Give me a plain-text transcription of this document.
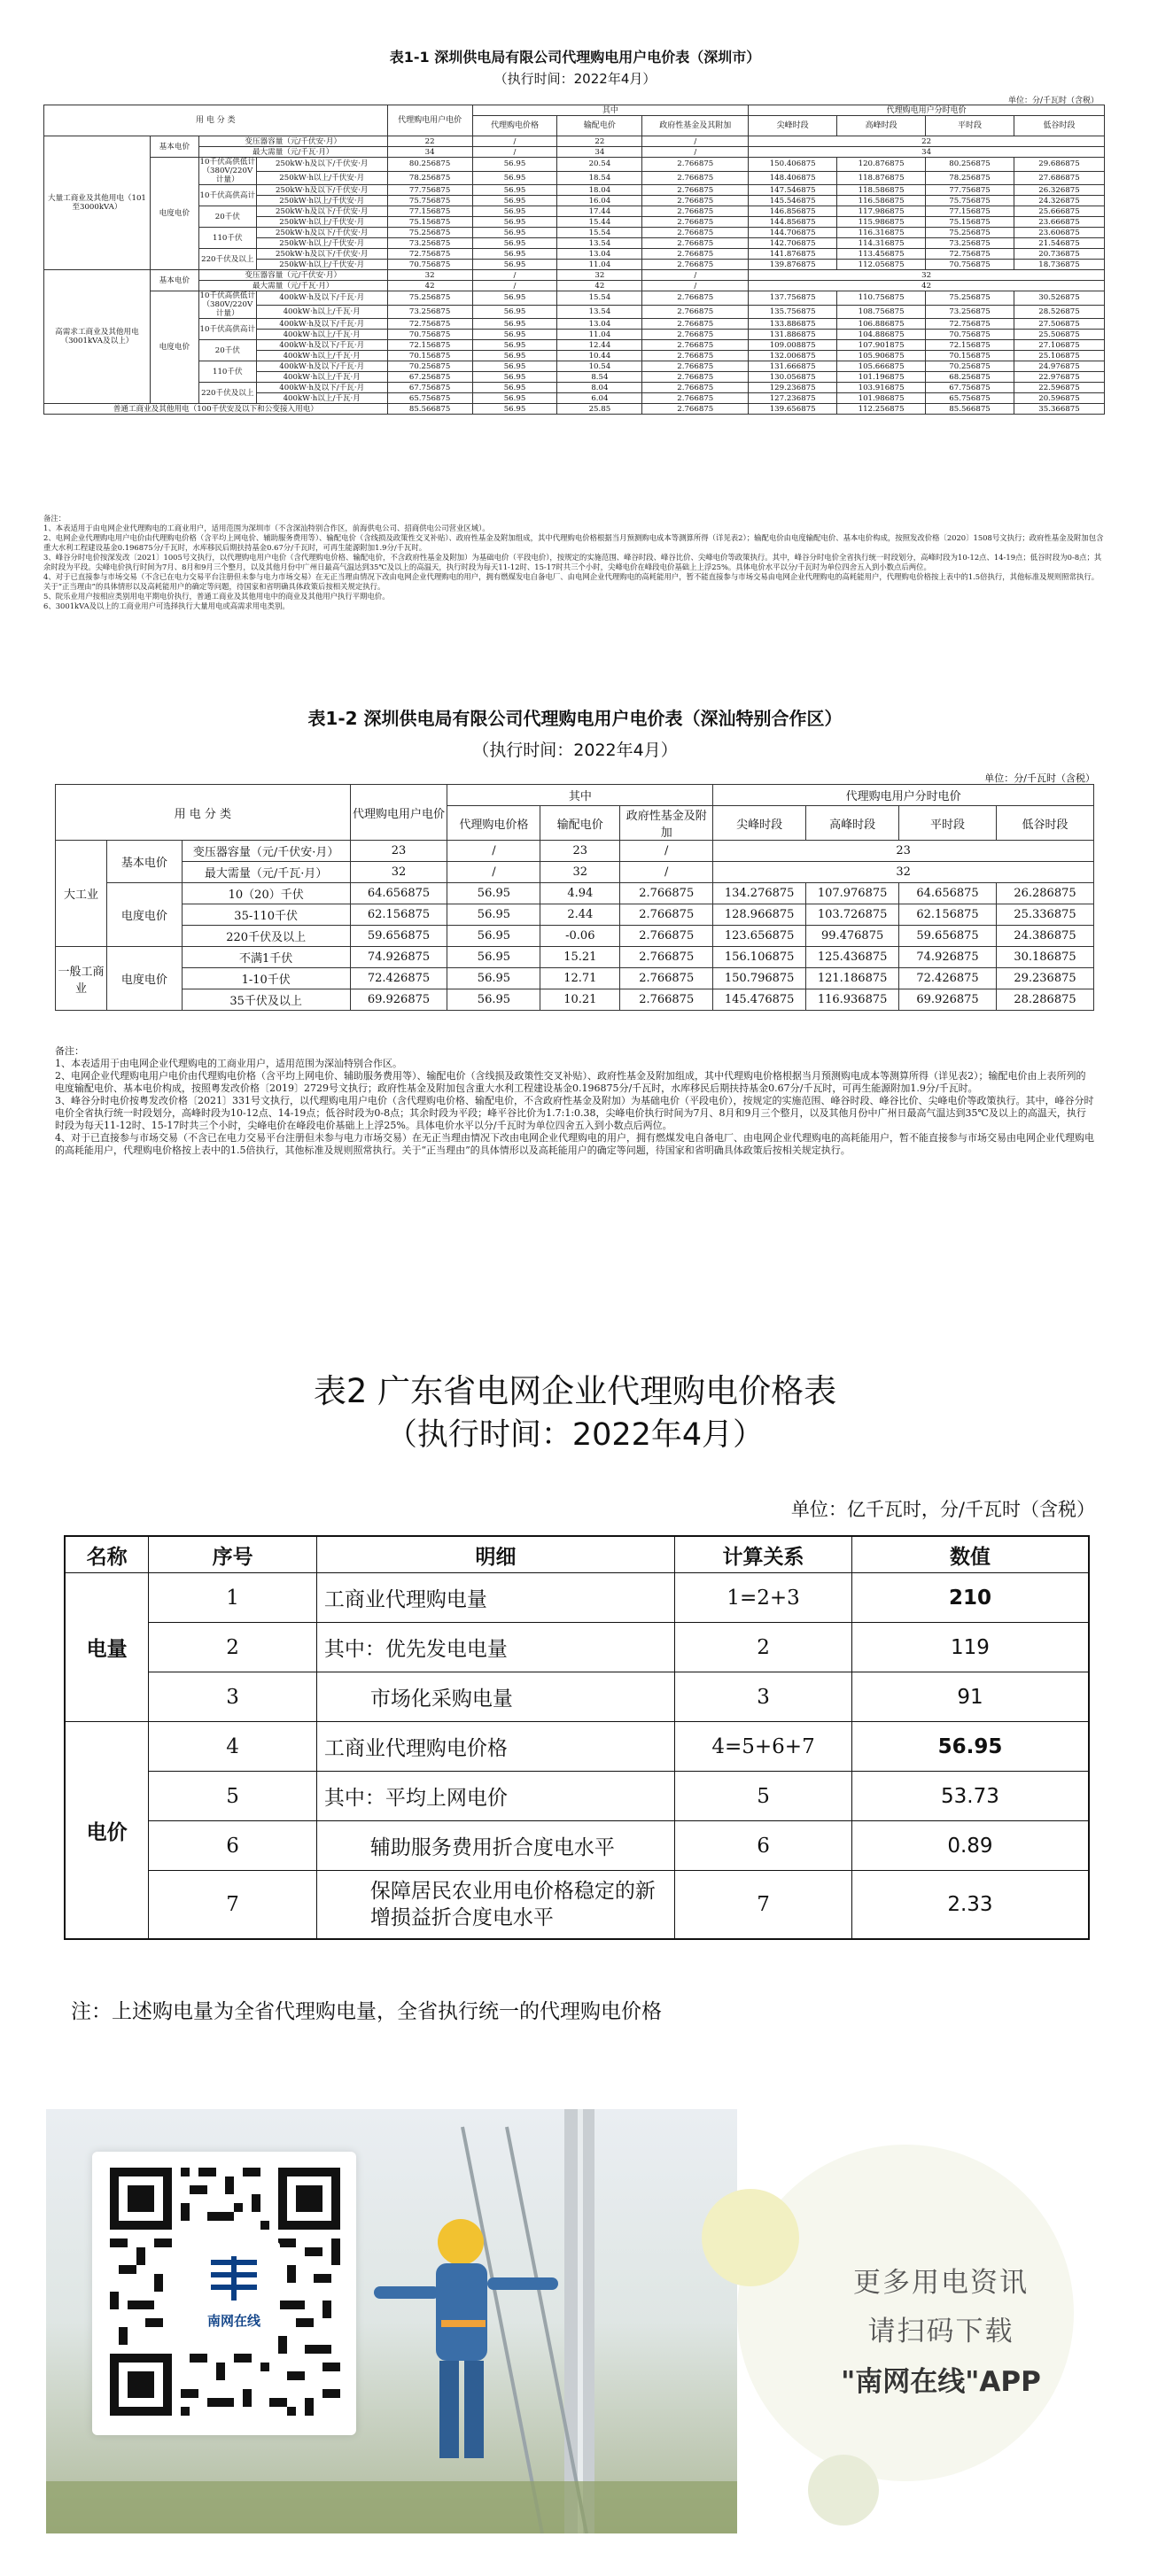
表1-1 深圳供电局有限公司代理购电用户电价表（深圳市）
（执行时间：2022年4月）
单位：分/千瓦时（含税）
用 电 分 类				代理购电用户电价	其中			代理购电用户分时电价			
					代理购电价格	输配电价	政府性基金及其附加	尖峰时段	高峰时段	平时段	低谷时段
大量工商业及其他用电（101至3000kVA）	基本电价	变压器容量（元/千伏安·月）		22	/	22	/	22			
		最大需量（元/千瓦·月）		34	/	34	/	34			
	电度电价	10千伏高供低计（380V/220V计量）	250kW·h及以下/千伏安·月	80.256875	56.95	20.54	2.766875	150.406875	120.876875	80.256875	29.686875
			250kW·h以上/千伏安·月	78.256875	56.95	18.54	2.766875	148.406875	118.876875	78.256875	27.686875
		10千伏高供高计	250kW·h及以下/千伏安·月	77.756875	56.95	18.04	2.766875	147.546875	118.586875	77.756875	26.326875
			250kW·h以上/千伏安·月	75.756875	56.95	16.04	2.766875	145.546875	116.586875	75.756875	24.326875
		20千伏	250kW·h及以下/千伏安·月	77.156875	56.95	17.44	2.766875	146.856875	117.986875	77.156875	25.666875
			250kW·h以上/千伏安·月	75.156875	56.95	15.44	2.766875	144.856875	115.986875	75.156875	23.666875
		110千伏	250kW·h及以下/千伏安·月	75.256875	56.95	15.54	2.766875	144.706875	116.316875	75.256875	23.606875
			250kW·h以上/千伏安·月	73.256875	56.95	13.54	2.766875	142.706875	114.316875	73.256875	21.546875
		220千伏及以上	250kW·h及以下/千伏安·月	72.756875	56.95	13.04	2.766875	141.876875	113.456875	72.756875	20.736875
			250kW·h以上/千伏安·月	70.756875	56.95	11.04	2.766875	139.876875	112.056875	70.756875	18.736875
高需求工商业及其他用电（3001kVA及以上）	基本电价	变压器容量（元/千伏安·月）		32	/	32	/	32			
		最大需量（元/千瓦·月）		42	/	42	/	42			
	电度电价	10千伏高供低计（380V/220V计量）	400kW·h及以下/千瓦·月	75.256875	56.95	15.54	2.766875	137.756875	110.756875	75.256875	30.526875
			400kW·h以上/千瓦·月	73.256875	56.95	13.54	2.766875	135.756875	108.756875	73.256875	28.526875
		10千伏高供高计	400kW·h及以下/千瓦·月	72.756875	56.95	13.04	2.766875	133.886875	106.886875	72.756875	27.506875
			400kW·h以上/千瓦·月	70.756875	56.95	11.04	2.766875	131.886875	104.886875	70.756875	25.506875
		20千伏	400kW·h及以下/千瓦·月	72.156875	56.95	12.44	2.766875	109.008875	107.901875	72.156875	27.106875
			400kW·h以上/千瓦·月	70.156875	56.95	10.44	2.766875	132.006875	105.906875	70.156875	25.106875
		110千伏	400kW·h及以下/千瓦·月	70.256875	56.95	10.54	2.766875	131.666875	105.666875	70.256875	24.976875
			400kW·h以上/千瓦·月	67.256875	56.95	8.54	2.766875	130.056875	101.196875	68.256875	22.976875
		220千伏及以上	400kW·h及以下/千瓦·月	67.756875	56.95	8.04	2.766875	129.236875	103.916875	67.756875	22.596875
			400kW·h以上/千瓦·月	65.756875	56.95	6.04	2.766875	127.236875	101.986875	65.756875	20.596875
普通工商业及其他用电（100千伏安及以下和公变接入用电）				85.566875	56.95	25.85	2.766875	139.656875	112.256875	85.566875	35.366875
备注：
1、本表适用于由电网企业代理购电的工商业用户，适用范围为深圳市（不含深汕特别合作区，前海供电公司、招商供电公司营业区域）。
2、电网企业代理购电用户电价由代理购电价格（含平均上网电价、辅助服务费用等）、输配电价（含线损及政策性交叉补贴）、政府性基金及附加组成，其中代理购电价格根据当月预测购电成本等测算所得（详见表2）；输配电价由电度输配电价、基本电价构成，按照发改价格〔2020〕1508号文执行；政府性基金及附加包含重大水利工程建设基金0.196875分/千瓦时，水库移民后期扶持基金0.67分/千瓦时，可再生能源附加1.9分/千瓦时。
3、峰谷分时电价按深发改〔2021〕1005号文执行，以代理购电用户电价（含代理购电价格、输配电价，不含政府性基金及附加）为基础电价（平段电价），按规定的实施范围、峰谷时段、峰谷比价、尖峰电价等政策执行。其中，峰谷分时电价全省执行统一时段划分，高峰时段为10-12点、14-19点；低谷时段为0-8点；其余时段为平段。尖峰电价执行时间为7月、8月和9月三个整月，以及其他月份中广州日最高气温达到35℃及以上的高温天，执行时段为每天11-12时、15-17时共三个小时，尖峰电价在峰段电价基础上上浮25%。具体电价水平以分/千瓦时为单位四舍五入到小数点后两位。
4、对于已直接参与市场交易（不含已在电力交易平台注册但未参与电力市场交易）在无正当理由情况下改由电网企业代理购电的用户，拥有燃煤发电自备电厂、由电网企业代理购电的高耗能用户，暂不能直接参与市场交易由电网企业代理购电的高耗能用户，代理购电价格按上表中的1.5倍执行，其他标准及规则照常执行。关于“正当理由”的具体情形以及高耗能用户的确定等问题，待国家和省明确具体政策后按相关规定执行。
5、院乐业用户按相应类别用电平期电价执行，普通工商业及其他用电中的商业及其他用户执行平期电价。
6、3001kVA及以上的工商业用户可选择执行大量用电或高需求用电类别。
表1-2 深圳供电局有限公司代理购电用户电价表（深汕特别合作区）
（执行时间：2022年4月）
单位：分/千瓦时（含税）
用 电 分 类			代理购电用户电价	其中			代理购电用户分时电价			
				代理购电价格	输配电价	政府性基金及附加	尖峰时段	高峰时段	平时段	低谷时段
大工业	基本电价	变压器容量（元/千伏安·月）	23	/	23	/	23			
		最大需量（元/千瓦·月）	32	/	32	/	32			
	电度电价	10（20）千伏	64.656875	56.95	4.94	2.766875	134.276875	107.976875	64.656875	26.286875
		35-110千伏	62.156875	56.95	2.44	2.766875	128.966875	103.726875	62.156875	25.336875
		220千伏及以上	59.656875	56.95	-0.06	2.766875	123.656875	99.476875	59.656875	24.386875
一般工商业	电度电价	不满1千伏	74.926875	56.95	15.21	2.766875	156.106875	125.436875	74.926875	30.186875
		1-10千伏	72.426875	56.95	12.71	2.766875	150.796875	121.186875	72.426875	29.236875
		35千伏及以上	69.926875	56.95	10.21	2.766875	145.476875	116.936875	69.926875	28.286875
备注：
1、本表适用于由电网企业代理购电的工商业用户，适用范围为深汕特别合作区。
2、电网企业代理购电用户电价由代理购电价格（含平均上网电价、辅助服务费用等）、输配电价（含线损及政策性交叉补贴）、政府性基金及附加组成，其中代理购电价格根据当月预测购电成本等测算所得（详见表2）；输配电价由上表所列的电度输配电价、基本电价构成，按照粤发改价格〔2019〕2729号文执行；政府性基金及附加包含重大水利工程建设基金0.196875分/千瓦时，水库移民后期扶持基金0.67分/千瓦时，可再生能源附加1.9分/千瓦时。
3、峰谷分时电价按粤发改价格〔2021〕331号文执行，以代理购电用户电价（含代理购电价格、输配电价，不含政府性基金及附加）为基础电价（平段电价），按规定的实施范围、峰谷时段、峰谷比价、尖峰电价等政策执行。其中，峰谷分时电价全省执行统一时段划分，高峰时段为10-12点、14-19点；低谷时段为0-8点；其余时段为平段；峰平谷比价为1.7:1:0.38，尖峰电价执行时间为7月、8月和9月三个整月，以及其他月份中广州日最高气温达到35℃及以上的高温天，执行时段为每天11-12时、15-17时共三个小时，尖峰电价在峰段电价基础上上浮25%。具体电价水平以分/千瓦时为单位四舍五入到小数点后两位。
4、对于已直接参与市场交易（不含已在电力交易平台注册但未参与电力市场交易）在无正当理由情况下改由电网企业代理购电的用户，拥有燃煤发电自备电厂、由电网企业代理购电的高耗能用户，暂不能直接参与市场交易由电网企业代理购电的高耗能用户，代理购电价格按上表中的1.5倍执行，其他标准及规则照常执行。关于“正当理由”的具体情形以及高耗能用户的确定等问题，待国家和省明确具体政策后按相关规定执行。
表2 广东省电网企业代理购电价格表
（执行时间：2022年4月）
单位：亿千瓦时，分/千瓦时（含税）
名称	序号	明细	计算关系	数值
电量	1	工商业代理购电量	1=2+3	210
	2	其中：优先发电电量	2	119
	3	市场化采购电量	3	91
电价	4	工商业代理购电价格	4=5+6+7	56.95
	5	其中：平均上网电价	5	53.73
	6	辅助服务费用折合度电水平	6	0.89
	7	保障居民农业用电价格稳定的新增损益折合度电水平	7	2.33
注：上述购电量为全省代理购电量，全省执行统一的代理购电价格
南网在线
更多用电资讯
请扫码下载
"南网在线"APP
